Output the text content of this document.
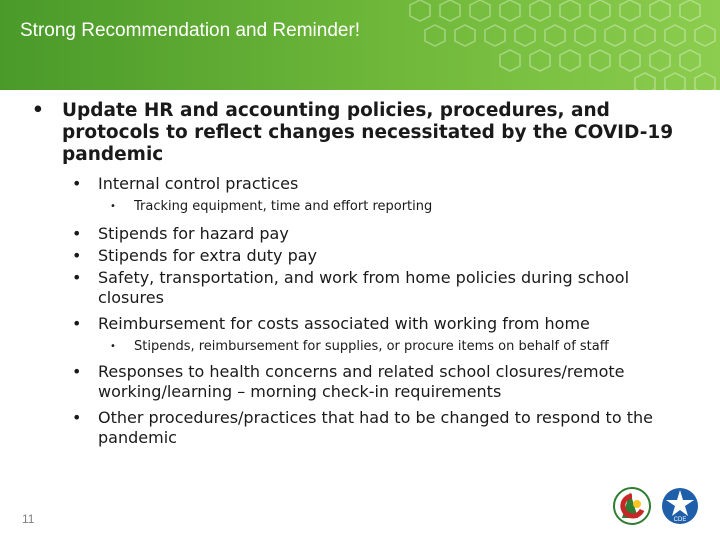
Strong Recommendation and Reminder!
• Update HR and accounting policies, procedures, and protocols to reflect changes necessitated by the COVID-19 pandemic
• Internal control practices
• Tracking equipment, time and effort reporting
• Stipends for hazard pay
• Stipends for extra duty pay
• Safety, transportation, and work from home policies during school closures
• Reimbursement for costs associated with working from home
• Stipends, reimbursement for supplies, or procure items on behalf of staff
• Responses to health concerns and related school closures/remote working/learning – morning check-in requirements
• Other procedures/practices that had to be changed to respond to the pandemic
11	CDE
